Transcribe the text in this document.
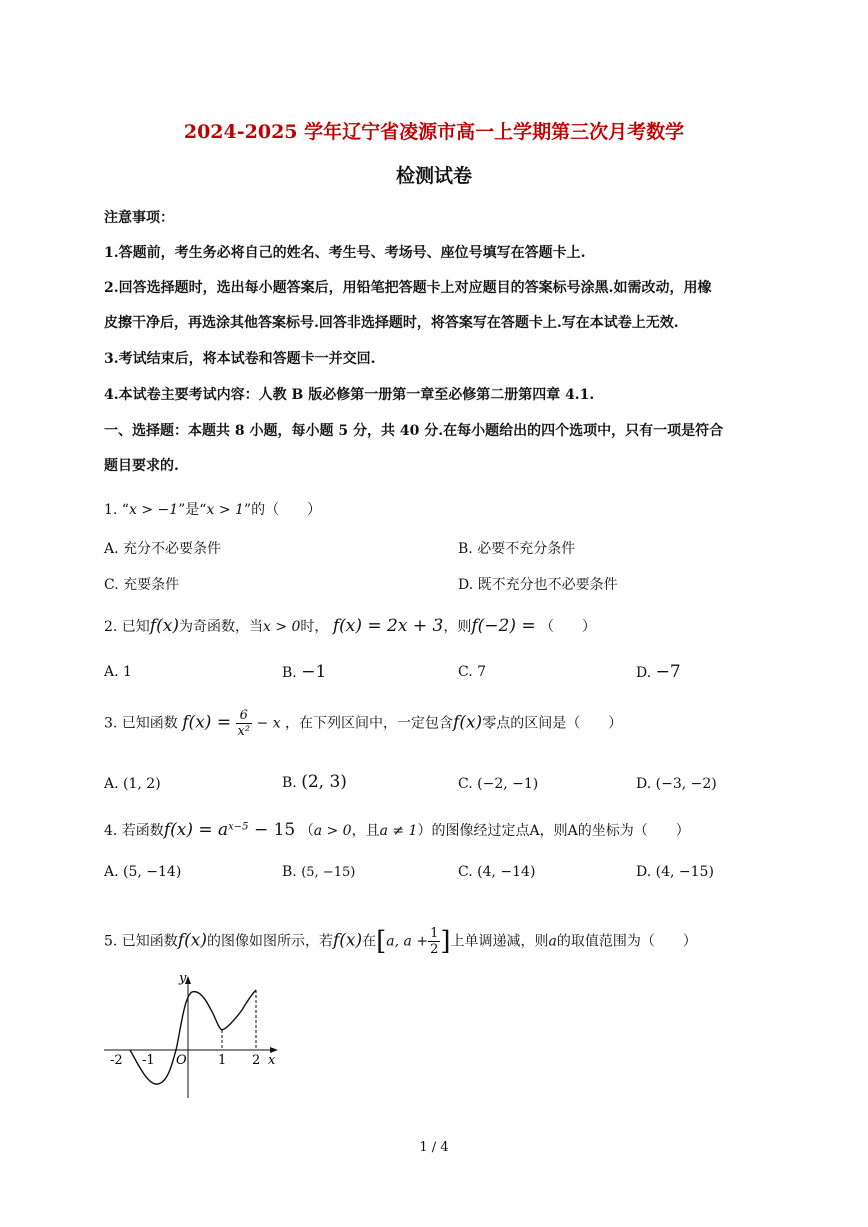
2024-2025 学年辽宁省凌源市高一上学期第三次月考数学
检测试卷
注意事项：
1.答题前，考生务必将自己的姓名、考生号、考场号、座位号填写在答题卡上.
2.回答选择题时，选出每小题答案后，用铅笔把答题卡上对应题目的答案标号涂黑.如需改动，用橡
皮擦干净后，再选涂其他答案标号.回答非选择题时，将答案写在答题卡上.写在本试卷上无效.
3.考试结束后，将本试卷和答题卡一并交回.
4.本试卷主要考试内容：人教 B 版必修第一册第一章至必修第二册第四章 4.1.
一、选择题：本题共 8 小题，每小题 5 分，共 40 分.在每小题给出的四个选项中，只有一项是符合
题目要求的.
1. “x > −1”是“x > 1”的（　　）
A. 充分不必要条件	B. 必要不充分条件
C. 充要条件	D. 既不充分也不必要条件
2. 已知f(x)为奇函数，当x > 0时， f(x) = 2x + 3，则f(−2) = （　　）
A. 1	B. −1	C. 7	D. −7
3. 已知函数 $f(x) = \frac{6}{\text{x²}} - x$ ，在下列区间中，一定包含f(x)零点的区间是（　　）
A. (1, 2)	B. (2, 3)	C. (−2, −1)	D. (−3, −2)
4. 若函数$f(x) = a^{x-5} - 15$ （a > 0，且a ≠ 1）的图像经过定点A，则A的坐标为（　　）
A. (5, −14)	B. (5, −15)	C. (4, −14)	D. (4, −15)
5. 已知函数f(x)的图像如图所示，若f(x)在[a, $a + \frac{1}{2}$ ]上单调递减，则a的取值范围为（　　）
y
x
O
-2 -1	1 2
1 / 4
